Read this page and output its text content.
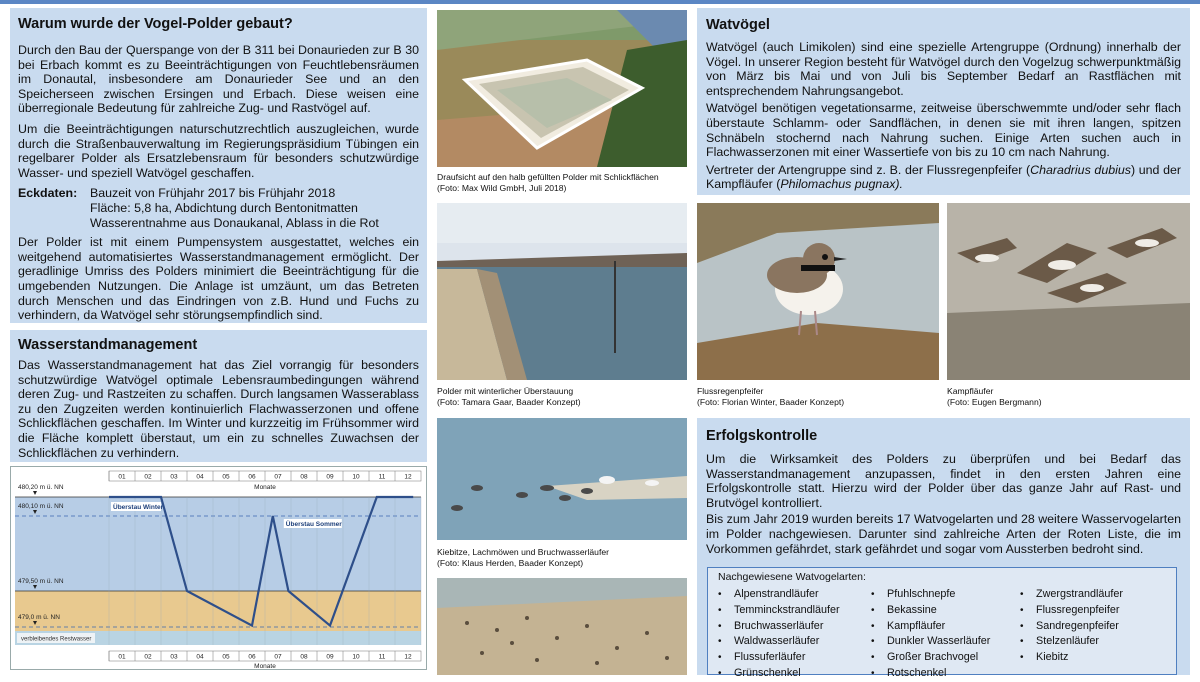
Warum wurde der Vogel-Polder gebaut?

Durch den Bau der Querspange von der B 311 bei Donaurieden zur B 30 bei Erbach kommt es zu Beeinträchtigungen von Feuchtlebensräumen im Donautal, insbesondere am Donaurieder See und an den Speicherseen zwischen Ersingen und Erbach. Diese weisen eine überregionale Bedeutung für zahlreiche Zug- und Rastvögel auf.

Um die Beeinträchtigungen naturschutzrechtlich auszugleichen, wurde durch die Straßenbauverwaltung im Regierungspräsidium Tübingen ein regelbarer Polder als Ersatzlebensraum für besonders schutzwürdige Wasser- und speziell Watvögel geschaffen.

Eckdaten:	Bauzeit von Frühjahr 2017 bis Frühjahr 2018
Fläche: 5,8 ha, Abdichtung durch Bentonitmatten
Wasserentnahme aus Donaukanal, Ablass in die Rot

Der Polder ist mit einem Pumpensystem ausgestattet, welches ein weitgehend automatisiertes Wasserstandmanagement ermöglicht. Der geradlinige Umriss des Polders minimiert die Beeinträchtigung für die umgebenden Nutzungen. Die Anlage ist umzäunt, um das Betreten durch Menschen und das Eindringen von z.B. Hund und Fuchs zu verhindern, da Watvögel sehr störungsempfindlich sind.

Wasserstandmanagement

Das Wasserstandmanagement hat das Ziel vorrangig für besonders schutzwürdige Watvögel optimale Lebensraumbedingungen während deren Zug- und Rastzeiten zu schaffen. Durch langsamen Wasserablass zu den Zugzeiten werden kontinuierlich Flachwasserzonen und offene Schlickflächen geschaffen. Im Winter und kurzzeitig im Frühsommer wird die Fläche komplett überstaut, um ein zu schnelles Zuwachsen der Schlickflächen zu verhindern.

480,20 m ü. NN
480,10 m ü. NN
479,50 m ü. NN
479,0 m ü. NN
01	02	03	04	05	06	07	08	09	10	11	12
Monate
01	02	03	04	05	06	07	08	09	10	11	12
Monate
Überstau Winter
Überstau Sommer
verbleibendes Restwasser
Draufsicht auf den halb gefüllten Polder mit Schlickflächen
(Foto: Max Wild GmbH, Juli 2018)
Polder mit winterlicher Überstauung
(Foto: Tamara Gaar, Baader Konzept)
Kiebitze, Lachmöwen und Bruchwasserläufer
(Foto: Klaus Herden, Baader Konzept)
Watvögel

Watvögel (auch Limikolen) sind eine spezielle Artengruppe (Ordnung) innerhalb der Vögel. In unserer Region besteht für Watvögel durch den Vogelzug schwerpunktmäßig von März bis Mai und von Juli bis September Bedarf an Rastflächen mit entsprechendem Nahrungsangebot.

Watvögel benötigen vegetationsarme, zeitweise überschwemmte und/oder sehr flach überstaute Schlamm- oder Sandflächen, in denen sie mit ihren langen, spitzen Schnäbeln stochernd nach Nahrung suchen. Einige Arten suchen auch in Flachwasserzonen mit einer Wassertiefe von bis zu 10 cm nach Nahrung.

Vertreter der Artengruppe sind z. B. der Flussregenpfeifer (Charadrius dubius) und der Kampfläufer (Philomachus pugnax).

Flussregenpfeifer
(Foto: Florian Winter, Baader Konzept)
Kampfläufer
(Foto: Eugen Bergmann)
Erfolgskontrolle

Um die Wirksamkeit des Polders zu überprüfen und bei Bedarf das Wasserstandmanagement anzupassen, findet in den ersten Jahren eine Erfolgskontrolle statt. Hierzu wird der Polder über das ganze Jahr auf Rast- und Brutvögel kontrolliert.

Bis zum Jahr 2019 wurden bereits 17 Watvogelarten und 28 weitere Wasservogelarten im Polder nachgewiesen. Darunter sind zahlreiche Arten der Roten Liste, die im Vorkommen gefährdet, stark gefährdet und sogar vom Aussterben bedroht sind.

Nachgewiesene Watvogelarten:
• Alpenstrandläufer
• Temminckstrandläufer
• Bruchwasserläufer
• Waldwasserläufer
• Flussuferläufer
• Grünschenkel
• Pfuhlschnepfe
• Bekassine
• Kampfläufer
• Dunkler Wasserläufer
• Großer Brachvogel
• Rotschenkel
• Zwergstrandläufer
• Flussregenpfeifer
• Sandregenpfeifer
• Stelzenläufer
• Kiebitz
